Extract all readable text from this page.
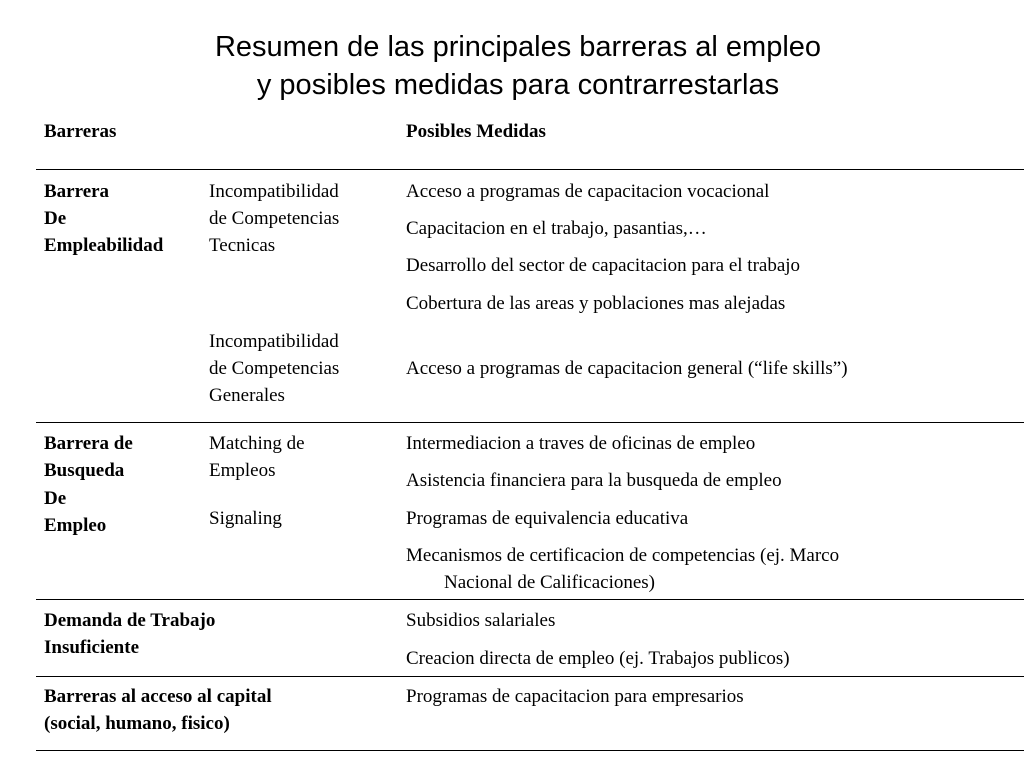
Resumen de las principales barreras al empleo
y posibles medidas para contrarrestarlas
Barreras	Posibles Medidas
Barrera
De
Empleabilidad
Incompatibilidad
de Competencias
Tecnicas
Incompatibilidad
de Competencias
Generales
Acceso a programas de capacitacion vocacional
Capacitacion en el trabajo, pasantias,…
Desarrollo del sector de capacitacion para el trabajo
Cobertura de las areas y poblaciones mas alejadas
Acceso a programas de capacitacion general (“life skills”)
Barrera de
Busqueda
De
Empleo
Matching de
Empleos
Signaling
Intermediacion a traves de oficinas de empleo
Asistencia financiera para la busqueda de empleo
Programas de equivalencia educativa
Mecanismos de certificacion de competencias (ej. Marco
Nacional de Calificaciones)
Demanda de Trabajo
Insuficiente
Subsidios salariales
Creacion directa de empleo (ej. Trabajos publicos)
Barreras al acceso al capital
(social, humano, fisico)
Programas de capacitacion para empresarios
